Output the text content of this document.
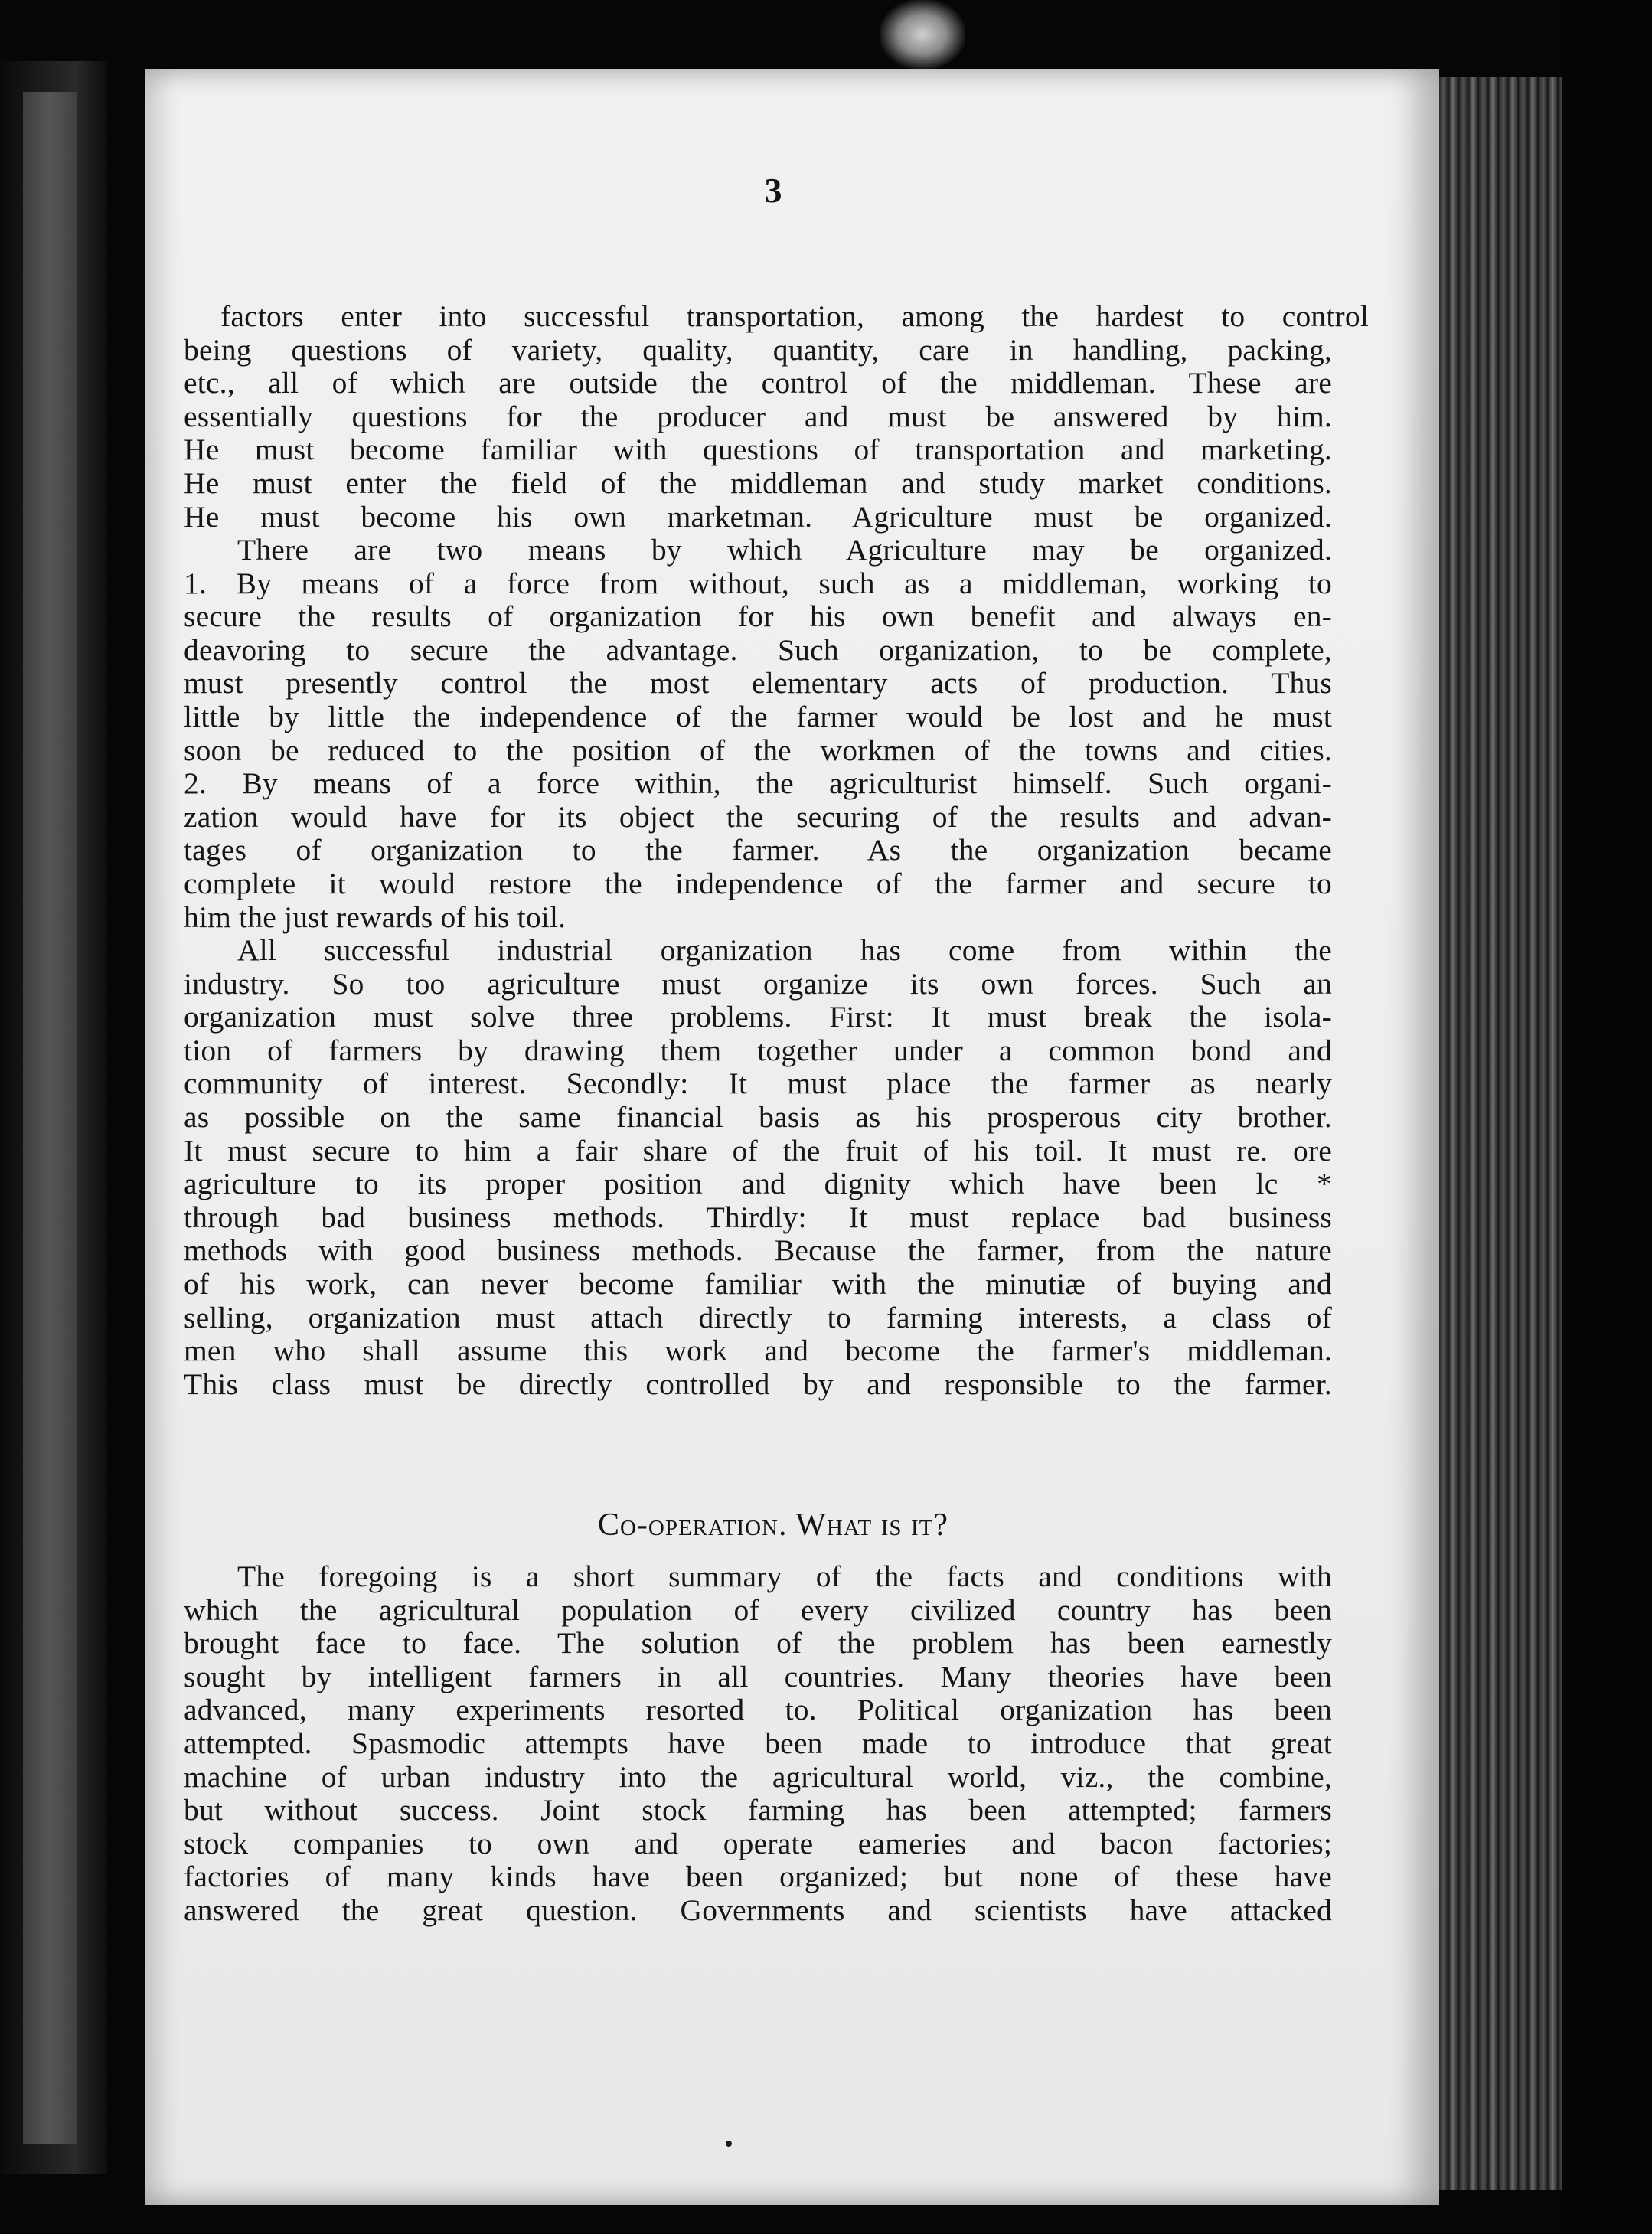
3
factors enter into successful transportation, among the hardest to control
being questions of variety, quality, quantity, care in handling, packing,
etc., all of which are outside the control of the middleman. These are
essentially questions for the producer and must be answered by him.
He must become familiar with questions of transportation and marketing.
He must enter the field of the middleman and study market conditions.
He must become his own marketman. Agriculture must be organized.
There are two means by which Agriculture may be organized.
1. By means of a force from without, such as a middleman, working to
secure the results of organization for his own benefit and always en-
deavoring to secure the advantage. Such organization, to be complete,
must presently control the most elementary acts of production. Thus
little by little the independence of the farmer would be lost and he must
soon be reduced to the position of the workmen of the towns and cities.
2. By means of a force within, the agriculturist himself. Such organi-
zation would have for its object the securing of the results and advan-
tages of organization to the farmer. As the organization became
complete it would restore the independence of the farmer and secure to
him the just rewards of his toil.
All successful industrial organization has come from within the
industry. So too agriculture must organize its own forces. Such an
organization must solve three problems. First: It must break the isola-
tion of farmers by drawing them together under a common bond and
community of interest. Secondly: It must place the farmer as nearly
as possible on the same financial basis as his prosperous city brother.
It must secure to him a fair share of the fruit of his toil. It must re. ore
agriculture to its proper position and dignity which have been lc *
through bad business methods. Thirdly: It must replace bad business
methods with good business methods. Because the farmer, from the nature
of his work, can never become familiar with the minutiæ of buying and
selling, organization must attach directly to farming interests, a class of
men who shall assume this work and become the farmer's middleman.
This class must be directly controlled by and responsible to the farmer.
Co-operation. What is it?
The foregoing is a short summary of the facts and conditions with
which the agricultural population of every civilized country has been
brought face to face. The solution of the problem has been earnestly
sought by intelligent farmers in all countries. Many theories have been
advanced, many experiments resorted to. Political organization has been
attempted. Spasmodic attempts have been made to introduce that great
machine of urban industry into the agricultural world, viz., the combine,
but without success. Joint stock farming has been attempted; farmers
stock companies to own and operate eameries and bacon factories;
factories of many kinds have been organized; but none of these have
answered the great question. Governments and scientists have attacked
